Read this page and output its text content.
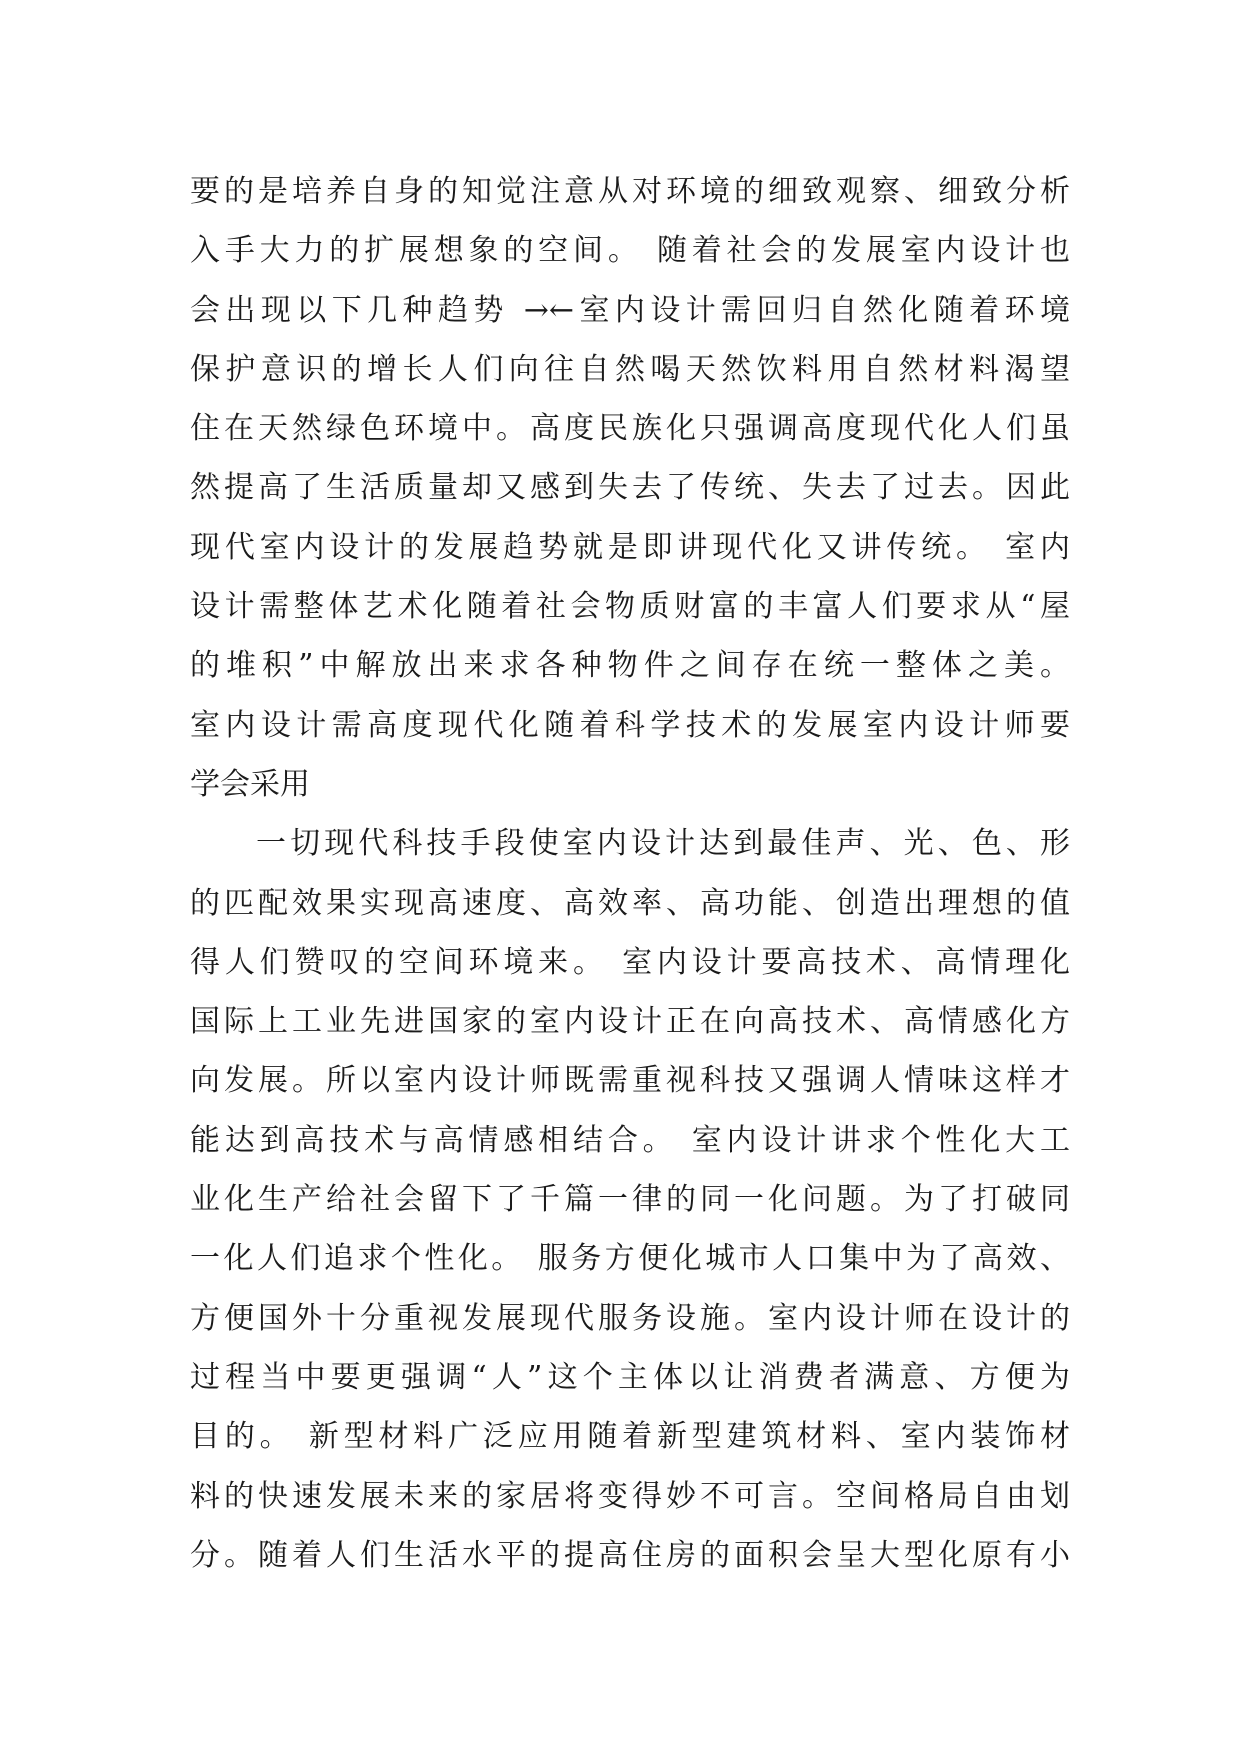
要的是培养自身的知觉注意从对环境的细致观察、细致分析
入手大力的扩展想象的空间。 随着社会的发展室内设计也
会出现以下几种趋势 →←室内设计需回归自然化随着环境
保护意识的增长人们向往自然喝天然饮料用自然材料渴望
住在天然绿色环境中。高度民族化只强调高度现代化人们虽
然提高了生活质量却又感到失去了传统、失去了过去。因此
现代室内设计的发展趋势就是即讲现代化又讲传统。 室内
设计需整体艺术化随着社会物质财富的丰富人们要求从“屋
的堆积”中解放出来求各种物件之间存在统一整体之美。
室内设计需高度现代化随着科学技术的发展室内设计师要
学会采用
一切现代科技手段使室内设计达到最佳声、光、色、形
的匹配效果实现高速度、高效率、高功能、创造出理想的值
得人们赞叹的空间环境来。 室内设计要高技术、高情理化
国际上工业先进国家的室内设计正在向高技术、高情感化方
向发展。所以室内设计师既需重视科技又强调人情味这样才
能达到高技术与高情感相结合。 室内设计讲求个性化大工
业化生产给社会留下了千篇一律的同一化问题。为了打破同
一化人们追求个性化。 服务方便化城市人口集中为了高效、
方便国外十分重视发展现代服务设施。室内设计师在设计的
过程当中要更强调“人”这个主体以让消费者满意、方便为
目的。 新型材料广泛应用随着新型建筑材料、室内装饰材
料的快速发展未来的家居将变得妙不可言。空间格局自由划
分。随着人们生活水平的提高住房的面积会呈大型化原有小
